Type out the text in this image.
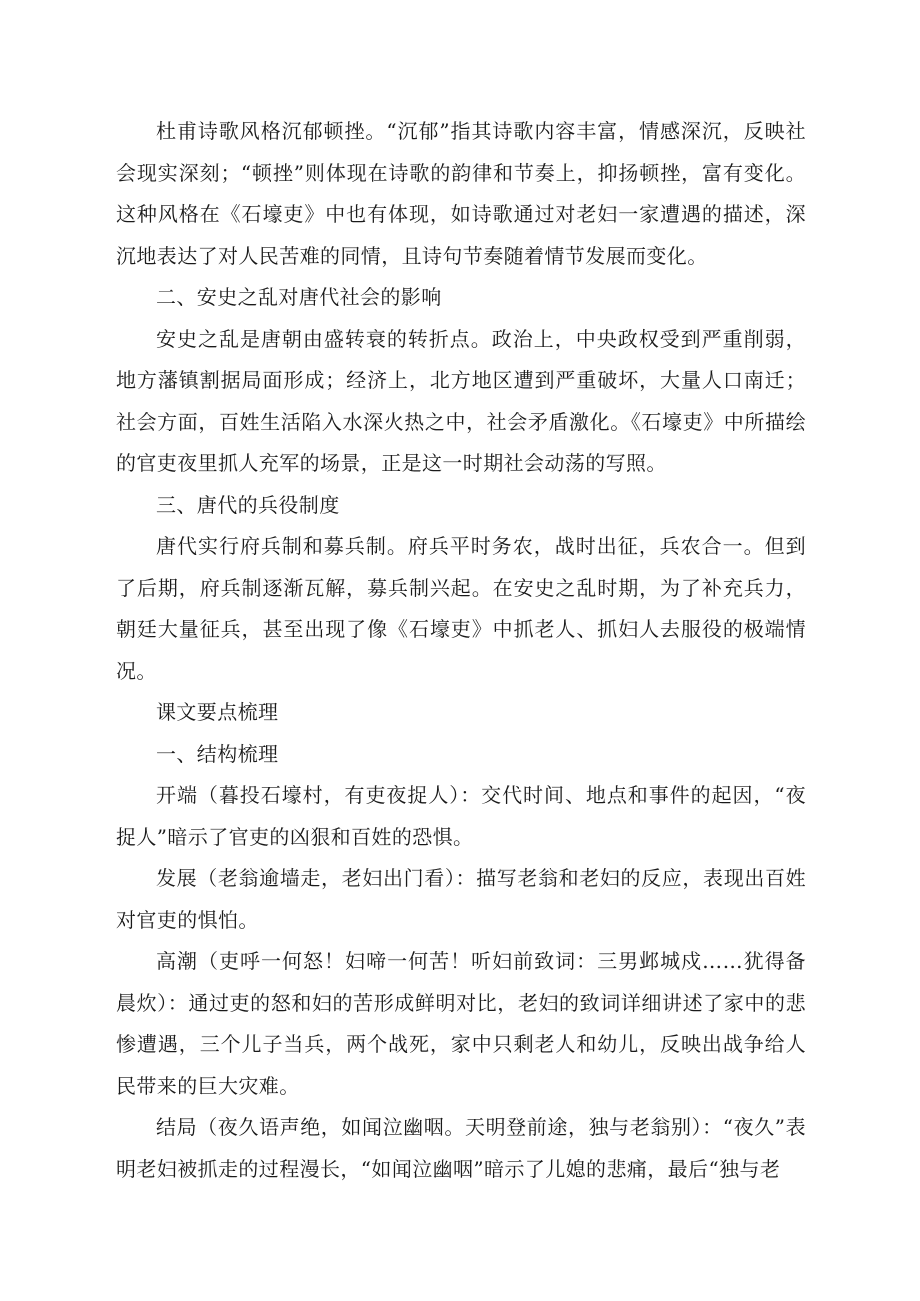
杜甫诗歌风格沉郁顿挫。“沉郁”指其诗歌内容丰富，情感深沉，反映社会现实深刻；“顿挫”则体现在诗歌的韵律和节奏上，抑扬顿挫，富有变化。这种风格在《石壕吏》中也有体现，如诗歌通过对老妇一家遭遇的描述，深沉地表达了对人民苦难的同情，且诗句节奏随着情节发展而变化。

二、安史之乱对唐代社会的影响

安史之乱是唐朝由盛转衰的转折点。政治上，中央政权受到严重削弱，地方藩镇割据局面形成；经济上，北方地区遭到严重破坏，大量人口南迁；社会方面，百姓生活陷入水深火热之中，社会矛盾激化。《石壕吏》中所描绘的官吏夜里抓人充军的场景，正是这一时期社会动荡的写照。

三、唐代的兵役制度

唐代实行府兵制和募兵制。府兵平时务农，战时出征，兵农合一。但到了后期，府兵制逐渐瓦解，募兵制兴起。在安史之乱时期，为了补充兵力，朝廷大量征兵，甚至出现了像《石壕吏》中抓老人、抓妇人去服役的极端情况。

课文要点梳理

一、结构梳理

开端（暮投石壕村，有吏夜捉人）：交代时间、地点和事件的起因，“夜捉人”暗示了官吏的凶狠和百姓的恐惧。

发展（老翁逾墙走，老妇出门看）：描写老翁和老妇的反应，表现出百姓对官吏的惧怕。

高潮（吏呼一何怒！妇啼一何苦！听妇前致词：三男邺城戍……犹得备晨炊）：通过吏的怒和妇的苦形成鲜明对比，老妇的致词详细讲述了家中的悲惨遭遇，三个儿子当兵，两个战死，家中只剩老人和幼儿，反映出战争给人民带来的巨大灾难。

结局（夜久语声绝，如闻泣幽咽。天明登前途，独与老翁别）：“夜久”表明老妇被抓走的过程漫长，“如闻泣幽咽”暗示了儿媳的悲痛，最后“独与老
